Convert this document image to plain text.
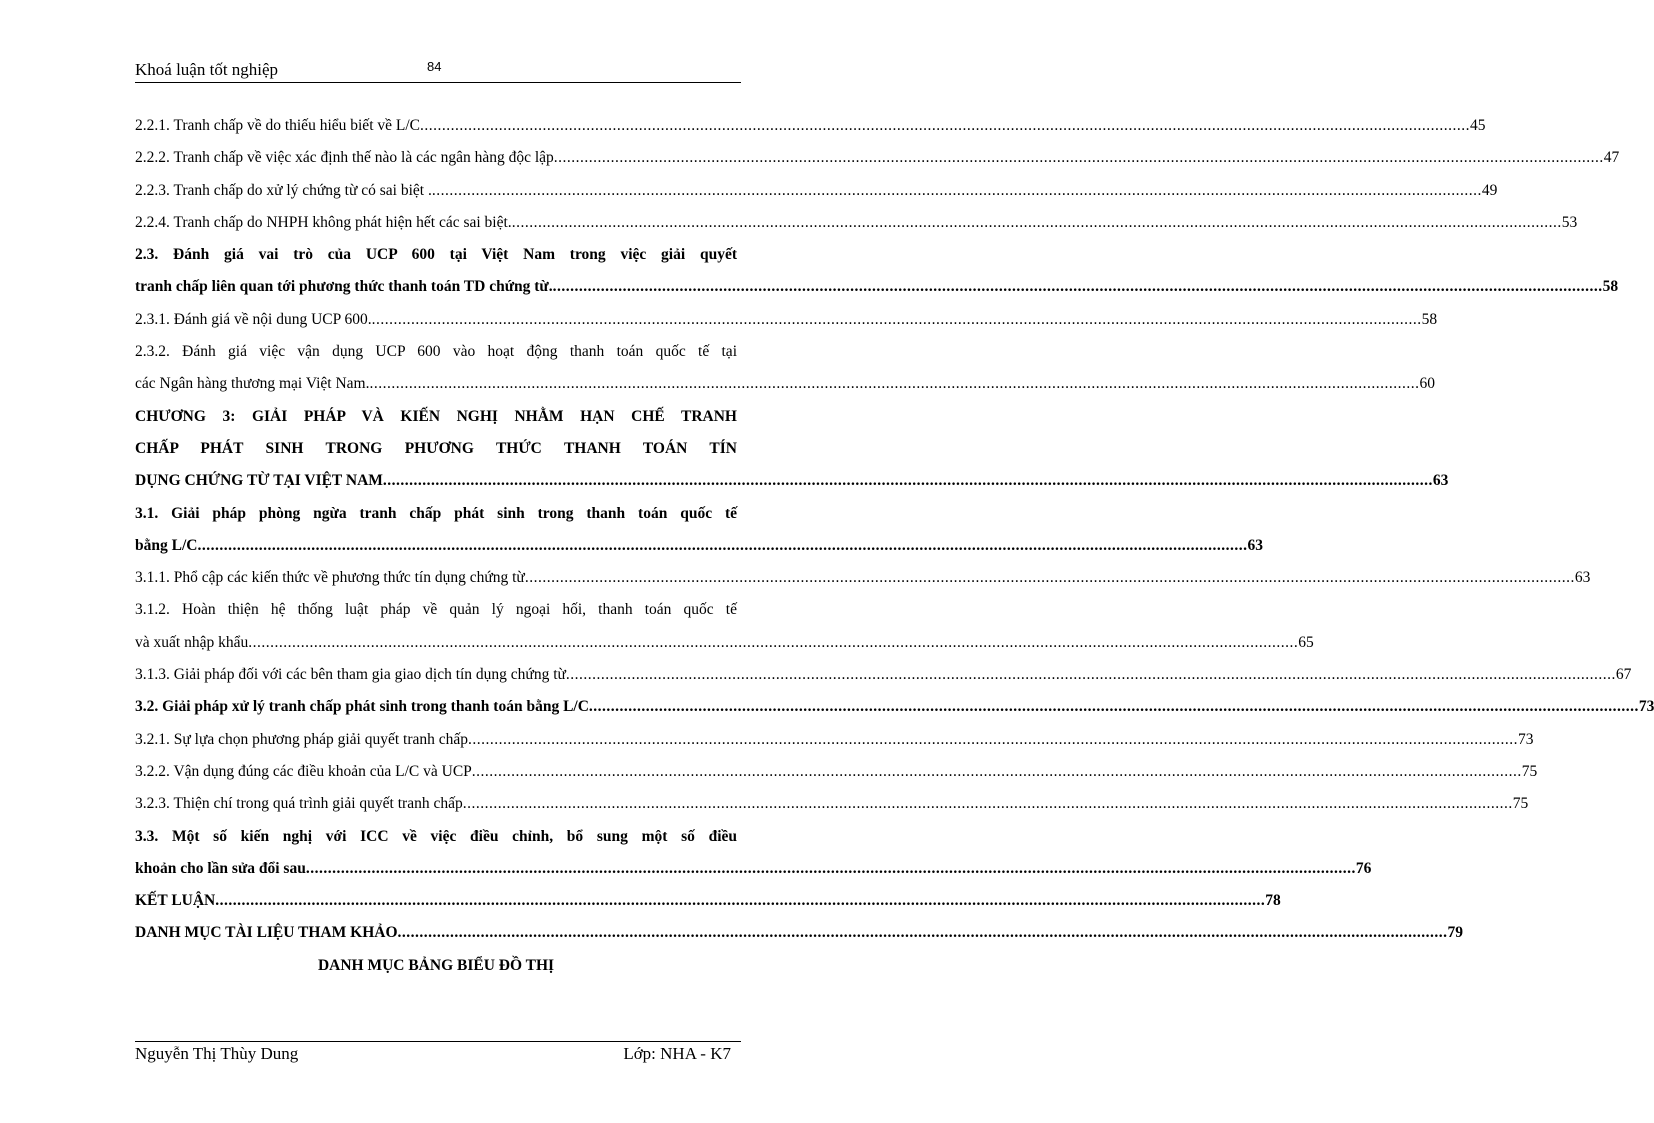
Khoá luận tốt nghiệp	84
2.2.1. Tranh chấp về do thiếu hiểu biết về L/C .....	45
2.2.2. Tranh chấp về việc xác định thế nào là các ngân hàng độc lập .....	47
2.2.3. Tranh chấp do xử lý chứng từ có sai biệt . .....	49
2.2.4. Tranh chấp do NHPH không phát hiện hết các sai biệt. .....	53
2.3. Đánh giá vai trò của UCP 600 tại Việt Nam trong việc giải quyết
tranh chấp liên quan tới phương thức thanh toán TD chứng từ. .....	58
2.3.1. Đánh giá về nội dung UCP 600. .....	58
2.3.2. Đánh giá việc vận dụng UCP 600 vào hoạt động thanh toán quốc tế tại
các Ngân hàng thương mại Việt Nam. .....	60
CHƯƠNG 3: GIẢI PHÁP VÀ KIẾN NGHỊ NHẰM HẠN CHẾ TRANH
CHẤP PHÁT SINH TRONG PHƯƠNG THỨC THANH TOÁN TÍN
DỤNG CHỨNG TỪ TẠI VIỆT NAM .....	63
3.1. Giải pháp phòng ngừa tranh chấp phát sinh trong thanh toán quốc tế
bằng L/C .....	63
3.1.1. Phổ cập các kiến thức về phương thức tín dụng chứng từ .....	63
3.1.2. Hoàn thiện hệ thống luật pháp về quản lý ngoại hối, thanh toán quốc tế
và xuất nhập khẩu .....	65
3.1.3. Giải pháp đối với các bên tham gia giao dịch tín dụng chứng từ .....	67
3.2. Giải pháp xử lý tranh chấp phát sinh trong thanh toán bằng L/C .....	73
3.2.1. Sự lựa chọn phương pháp giải quyết tranh chấp .....	73
3.2.2. Vận dụng đúng các điều khoản của L/C và UCP .....	75
3.2.3. Thiện chí trong quá trình giải quyết tranh chấp .....	75
3.3. Một số kiến nghị với ICC về việc điều chỉnh, bổ sung một số điều
khoản cho lần sửa đổi sau .....	76
KẾT LUẬN .....	78
DANH MỤC TÀI LIỆU THAM KHẢO .....	79
DANH MỤC BẢNG BIỂU ĐỒ THỊ
Nguyễn Thị Thùy Dung	Lớp: NHA - K7
